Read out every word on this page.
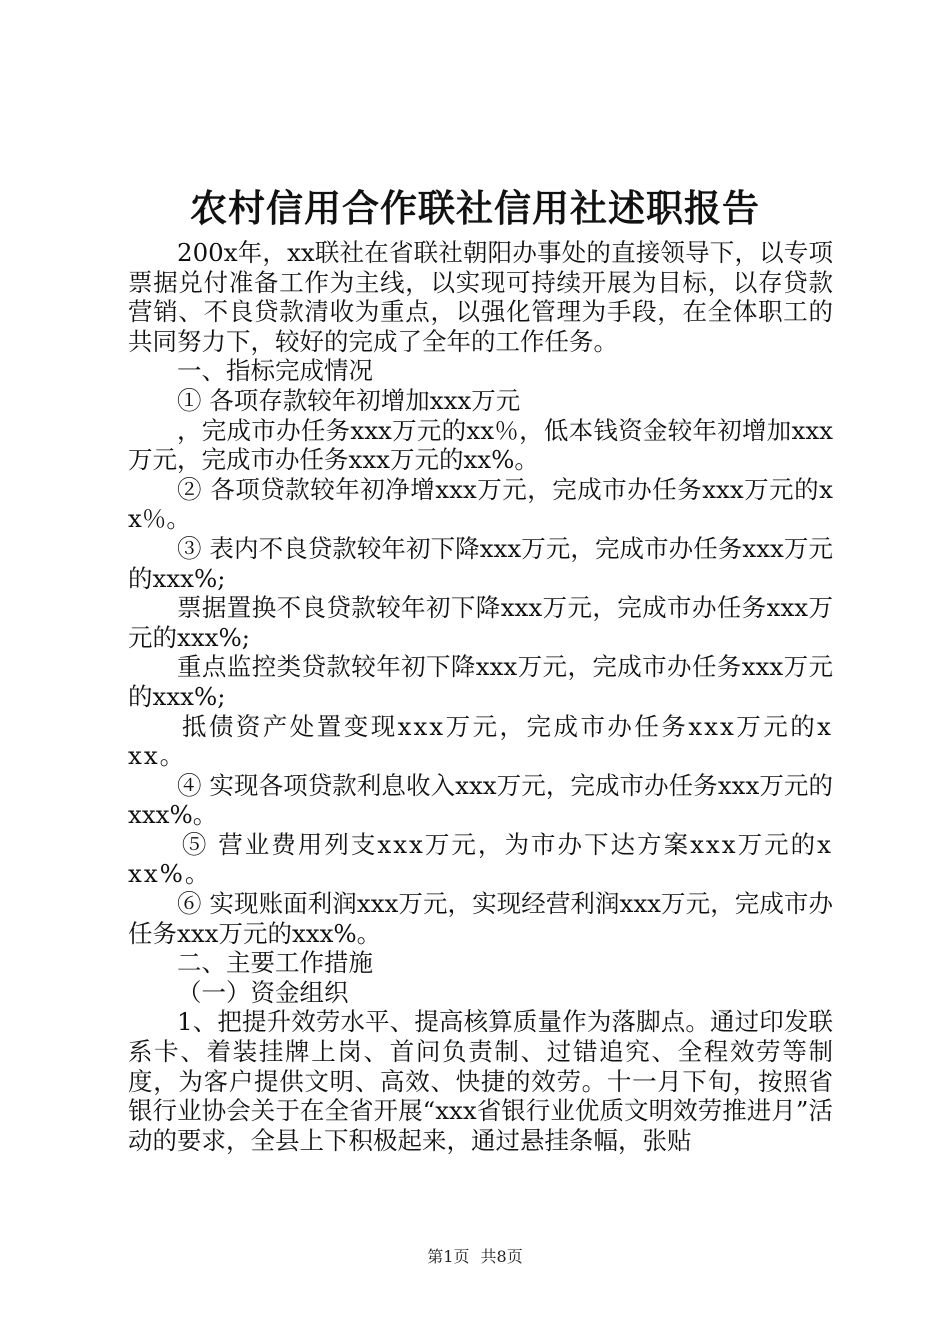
农村信用合作联社信用社述职报告

200x年，xx联社在省联社朝阳办事处的直接领导下，以专项票据兑付准备工作为主线，以实现可持续开展为目标，以存贷款营销、不良贷款清收为重点，以强化管理为手段，在全体职工的共同努力下，较好的完成了全年的工作任务。

一、指标完成情况

① 各项存款较年初增加xxx万元

，完成市办任务xxx万元的xx％，低本钱资金较年初增加xxx万元，完成市办任务xxx万元的xx%。

② 各项贷款较年初净增xxx万元，完成市办任务xxx万元的xx％。

③ 表内不良贷款较年初下降xxx万元，完成市办任务xxx万元的xxx%;

票据置换不良贷款较年初下降xxx万元，完成市办任务xxx万元的xxx%;

重点监控类贷款较年初下降xxx万元，完成市办任务xxx万元的xxx%;

抵债资产处置变现xxx万元，完成市办任务xxx万元的xxx。

④ 实现各项贷款利息收入xxx万元，完成市办任务xxx万元的xxx%。

⑤ 营业费用列支xxx万元，为市办下达方案xxx万元的xxx%。

⑥ 实现账面利润xxx万元，实现经营利润xxx万元，完成市办任务xxx万元的xxx%。

二、主要工作措施

（一）资金组织

1、把提升效劳水平、提高核算质量作为落脚点。通过印发联系卡、着装挂牌上岗、首问负责制、过错追究、全程效劳等制度，为客户提供文明、高效、快捷的效劳。十一月下旬，按照省银行业协会关于在全省开展“xxx省银行业优质文明效劳推进月”活动的要求，全县上下积极起来，通过悬挂条幅，张贴

第1页 共8页
